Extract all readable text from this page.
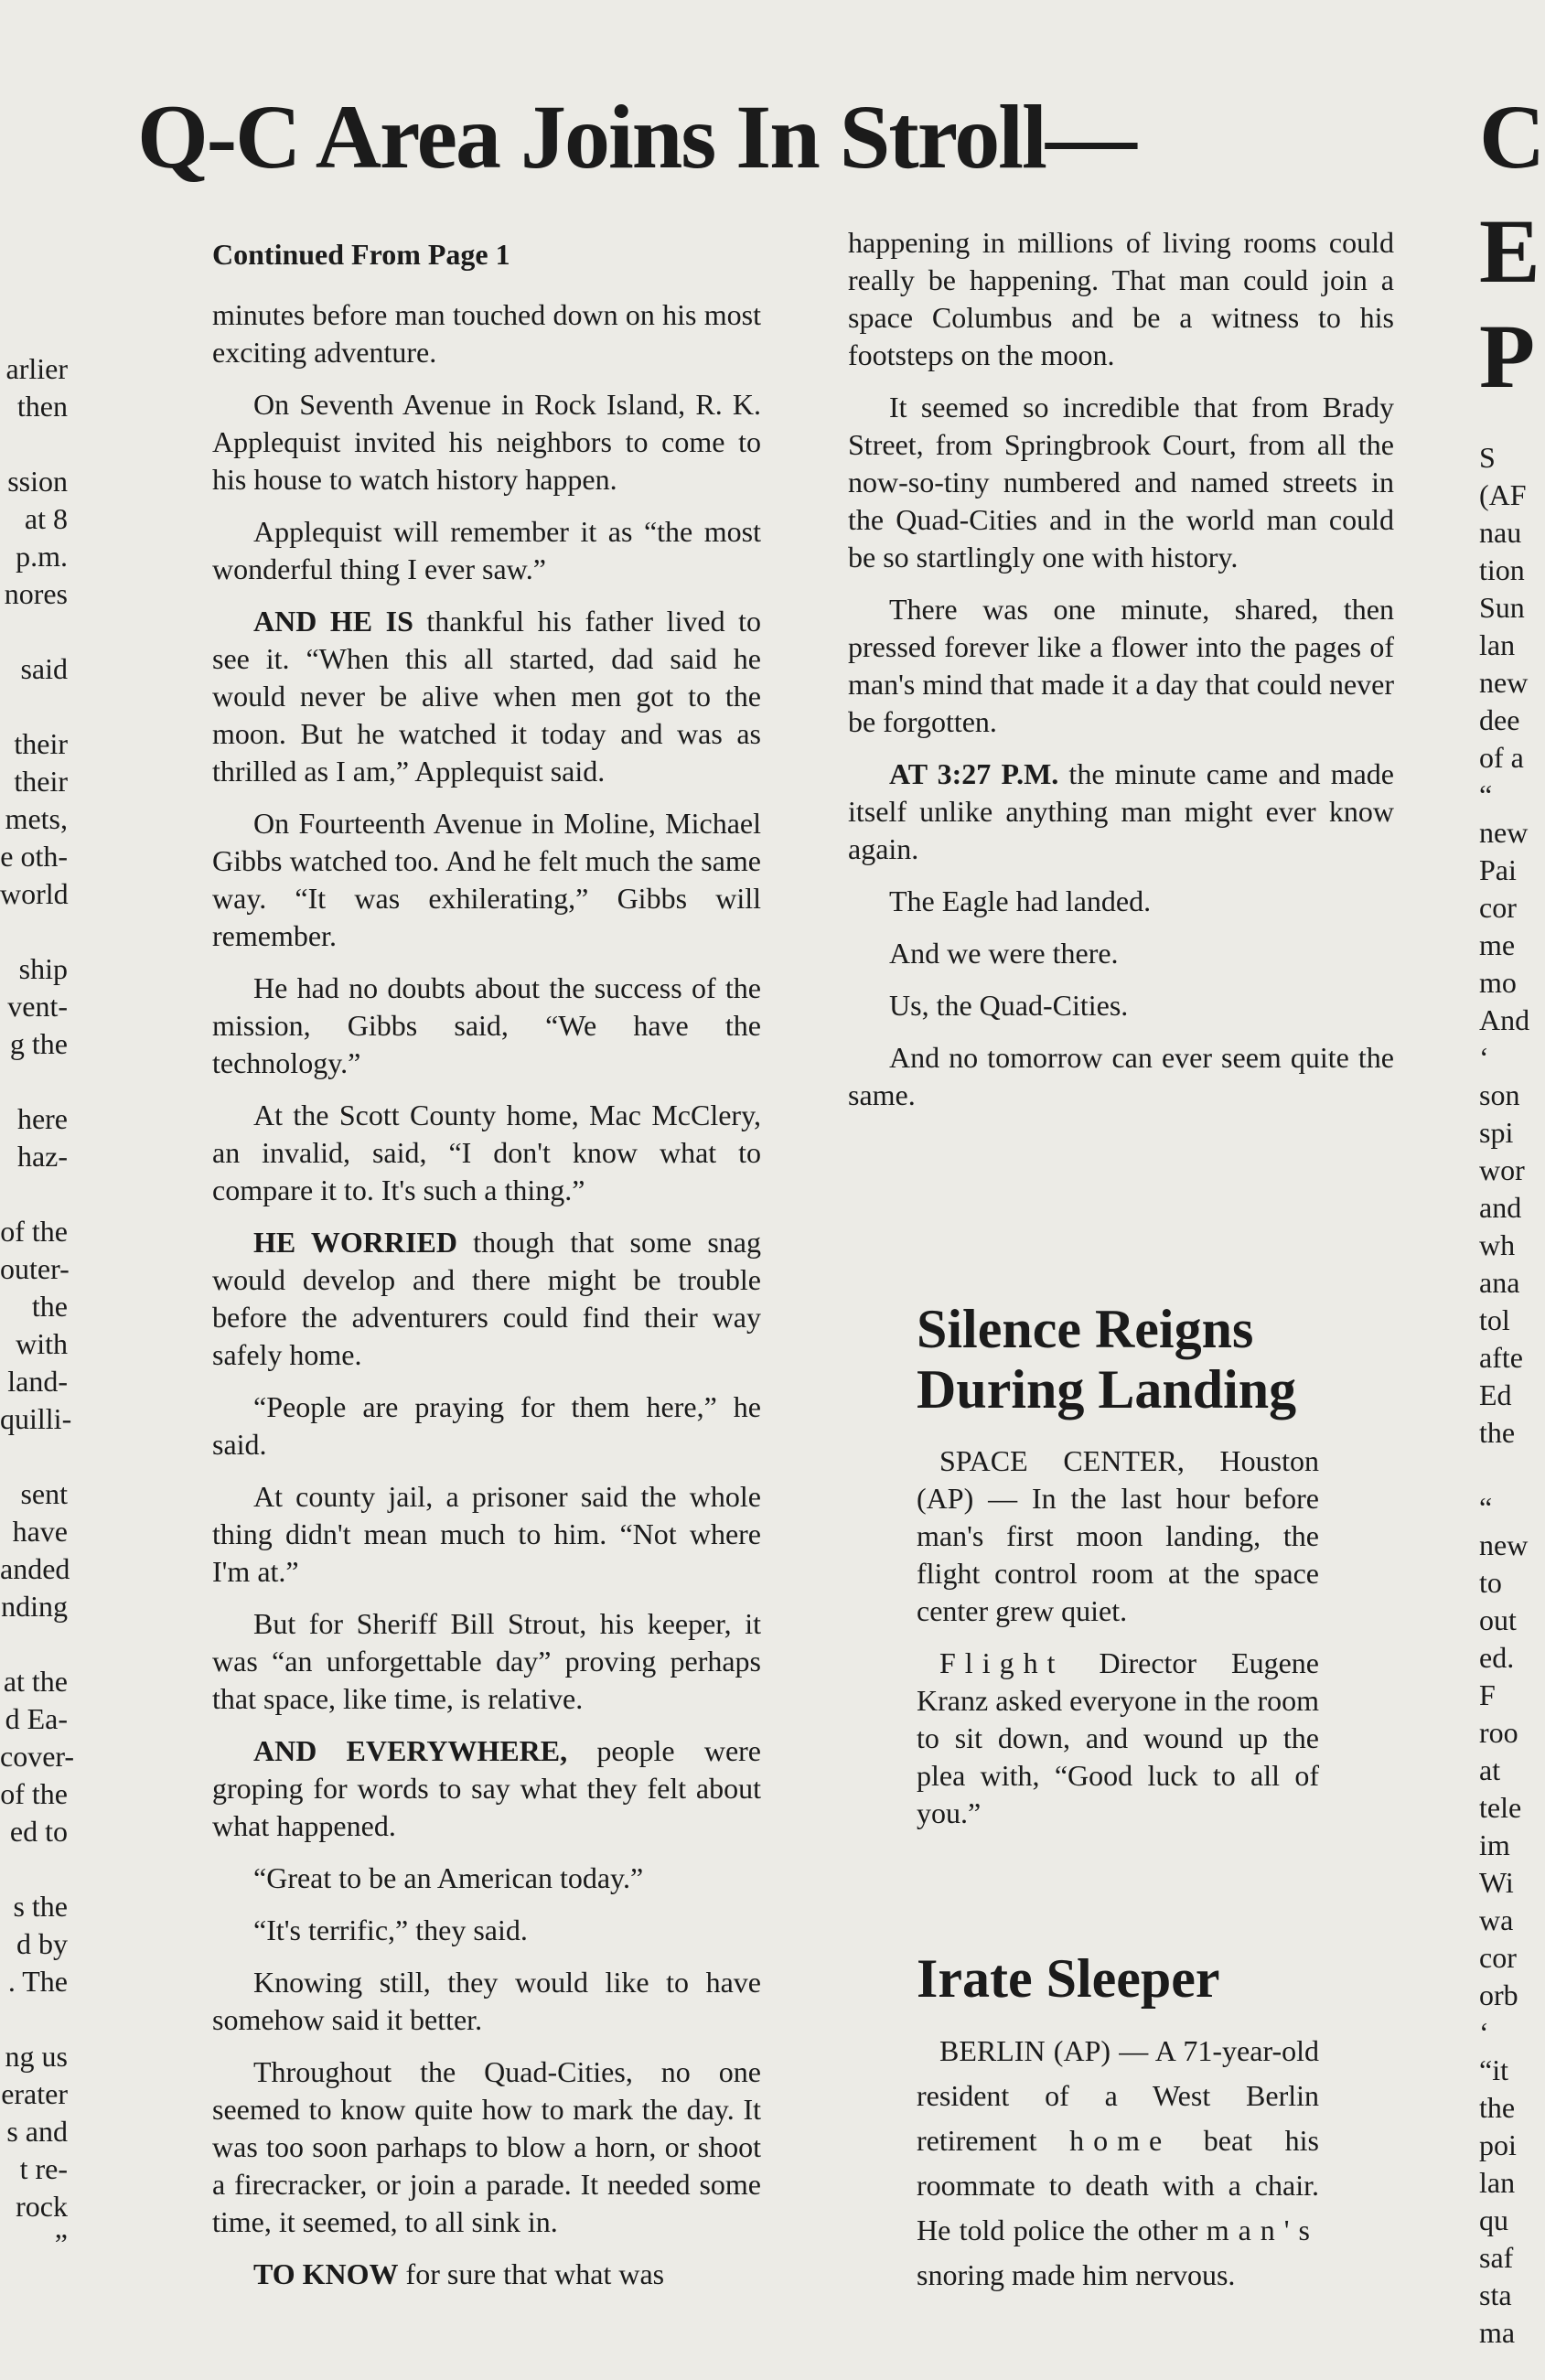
Q-C Area Joins In Stroll—
arlier
then

ssion
at 8
p.m.
nores

said

their
their
mets,
e oth-
world

ship
vent-
g the

here
haz-

of the
outer-
the
with
land-
quilli-

sent
have
anded
nding

at the
d Ea-
cover-
of the
ed to

s the
d by
. The

ng us
erater
s and
t re-
rock
”
Continued From Page 1

minutes before man touched down on his most exciting adventure.

On Seventh Avenue in Rock Island, R. K. Applequist invited his neighbors to come to his house to watch history happen.

Applequist will remember it as “the most wonderful thing I ever saw.”

AND HE IS thankful his father lived to see it. “When this all started, dad said he would never be alive when men got to the moon. But he watched it today and was as thrilled as I am,” Applequist said.

On Fourteenth Avenue in Moline, Michael Gibbs watched too. And he felt much the same way. “It was exhilerating,” Gibbs will remember.

He had no doubts about the success of the mission, Gibbs said, “We have the technology.”

At the Scott County home, Mac McClery, an invalid, said, “I don't know what to compare it to. It's such a thing.”

HE WORRIED though that some snag would develop and there might be trouble before the adventurers could find their way safely home.

“People are praying for them here,” he said.

At county jail, a prisoner said the whole thing didn't mean much to him. “Not where I'm at.”

But for Sheriff Bill Strout, his keeper, it was “an unforgettable day” proving perhaps that space, like time, is relative.

AND EVERYWHERE, people were groping for words to say what they felt about what happened.

“Great to be an American today.”

“It's terrific,” they said.

Knowing still, they would like to have somehow said it better.

Throughout the Quad-Cities, no one seemed to know quite how to mark the day. It was too soon parhaps to blow a horn, or shoot a firecracker, or join a parade. It needed some time, it seemed, to all sink in.

TO KNOW for sure that what was

happening in millions of living rooms could really be happening. That man could join a space Columbus and be a witness to his footsteps on the moon.

It seemed so incredible that from Brady Street, from Springbrook Court, from all the now-so-tiny numbered and named streets in the Quad-Cities and in the world man could be so startlingly one with history.

There was one minute, shared, then pressed forever like a flower into the pages of man's mind that made it a day that could never be forgotten.

AT 3:27 P.M. the minute came and made itself unlike anything man might ever know again.

The Eagle had landed.

And we were there.

Us, the Quad-Cities.

And no tomorrow can ever seem quite the same.

Silence Reigns
During Landing

SPACE CENTER, Houston (AP) — In the last hour before man's first moon landing, the flight control room at the space center grew quiet.

Flight Director Eugene Kranz asked everyone in the room to sit down, and wound up the plea with, “Good luck to all of you.”

Irate Sleeper

BERLIN (AP) — A 71-year-old resident of a West Berlin retirement home beat his roommate to death with a chair. He told police the other man's snoring made him nervous.

C
E
P
S
(AF
nau
tion
Sun
lan
new
dee
of a
“
new
Pai
cor
me
mo
And
‘
son
spi
wor
and
wh
ana
tol
afte
Ed
the

“
new
to
out
ed.
F
roo
at
tele
im
Wi
wa
cor
orb
‘
“it
the
poi
lan
qu
saf
sta
ma
